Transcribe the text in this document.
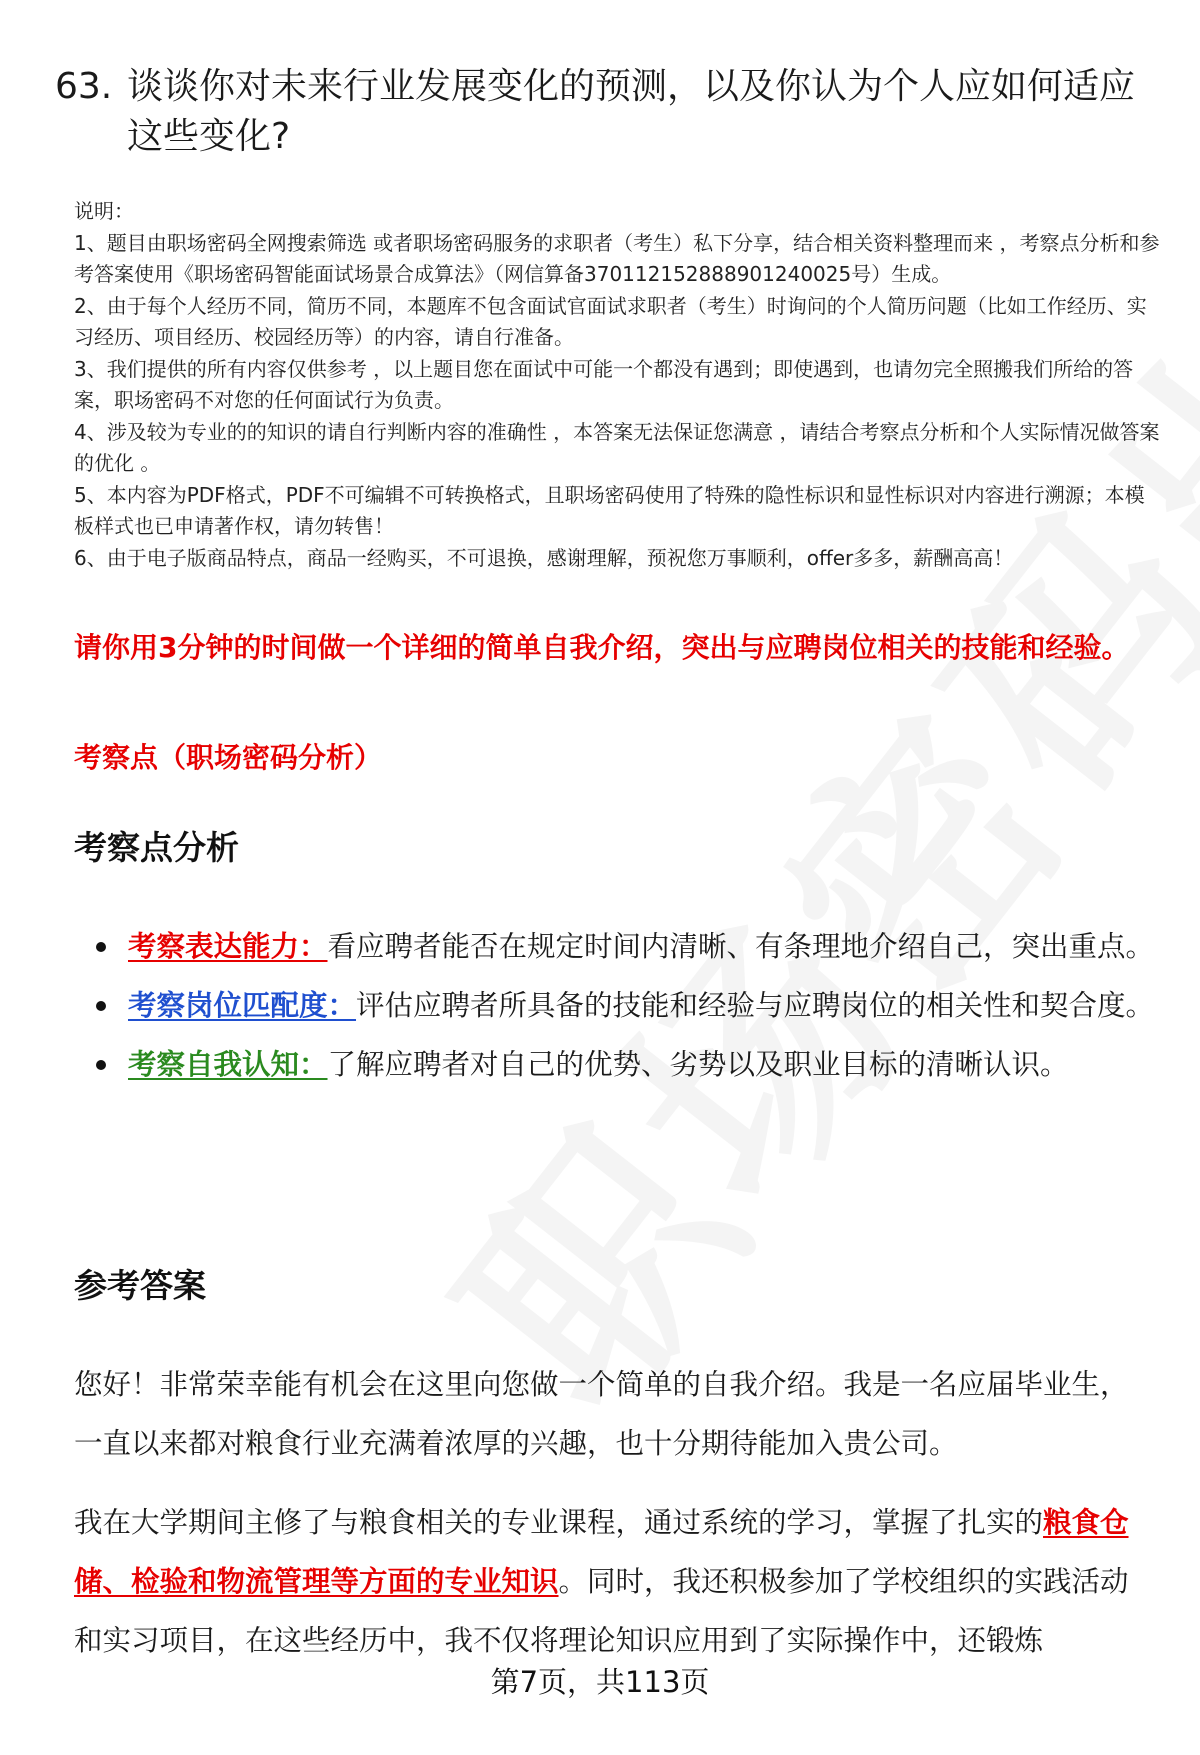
63. 谈谈你对未来行业发展变化的预测，以及你认为个人应如何适应这些变化?

说明：

1、题目由职场密码全网搜索筛选 或者职场密码服务的求职者（考生）私下分享，结合相关资料整理而来 ，考察点分析和参考答案使用《职场密码智能面试场景合成算法》（网信算备370112152888901240025号）生成。

2、由于每个人经历不同，简历不同，本题库不包含面试官面试求职者（考生）时询问的个人简历问题（比如工作经历、实习经历、项目经历、校园经历等）的内容，请自行准备。

3、我们提供的所有内容仅供参考 ，以上题目您在面试中可能一个都没有遇到；即使遇到，也请勿完全照搬我们所给的答案，职场密码不对您的任何面试行为负责。

4、涉及较为专业的的知识的请自行判断内容的准确性 ，本答案无法保证您满意 ，请结合考察点分析和个人实际情况做答案的优化 。

5、本内容为PDF格式，PDF不可编辑不可转换格式，且职场密码使用了特殊的隐性标识和显性标识对内容进行溯源；本模板样式也已申请著作权，请勿转售！

6、由于电子版商品特点，商品一经购买，不可退换，感谢理解，预祝您万事顺利，offer多多，薪酬高高！

请你用3分钟的时间做一个详细的简单自我介绍，突出与应聘岗位相关的技能和经验。
考察点（职场密码分析）
考察点分析
考察表达能力：看应聘者能否在规定时间内清晰、有条理地介绍自己，突出重点。
考察岗位匹配度：评估应聘者所具备的技能和经验与应聘岗位的相关性和契合度。
考察自我认知：了解应聘者对自己的优势、劣势以及职业目标的清晰认识。
参考答案

您好！非常荣幸能有机会在这里向您做一个简单的自我介绍。我是一名应届毕业生，一直以来都对粮食行业充满着浓厚的兴趣，也十分期待能加入贵公司。

我在大学期间主修了与粮食相关的专业课程，通过系统的学习，掌握了扎实的粮食仓储、检验和物流管理等方面的专业知识。同时，我还积极参加了学校组织的实践活动和实习项目，在这些经历中，我不仅将理论知识应用到了实际操作中，还锻炼

第7页，共113页
